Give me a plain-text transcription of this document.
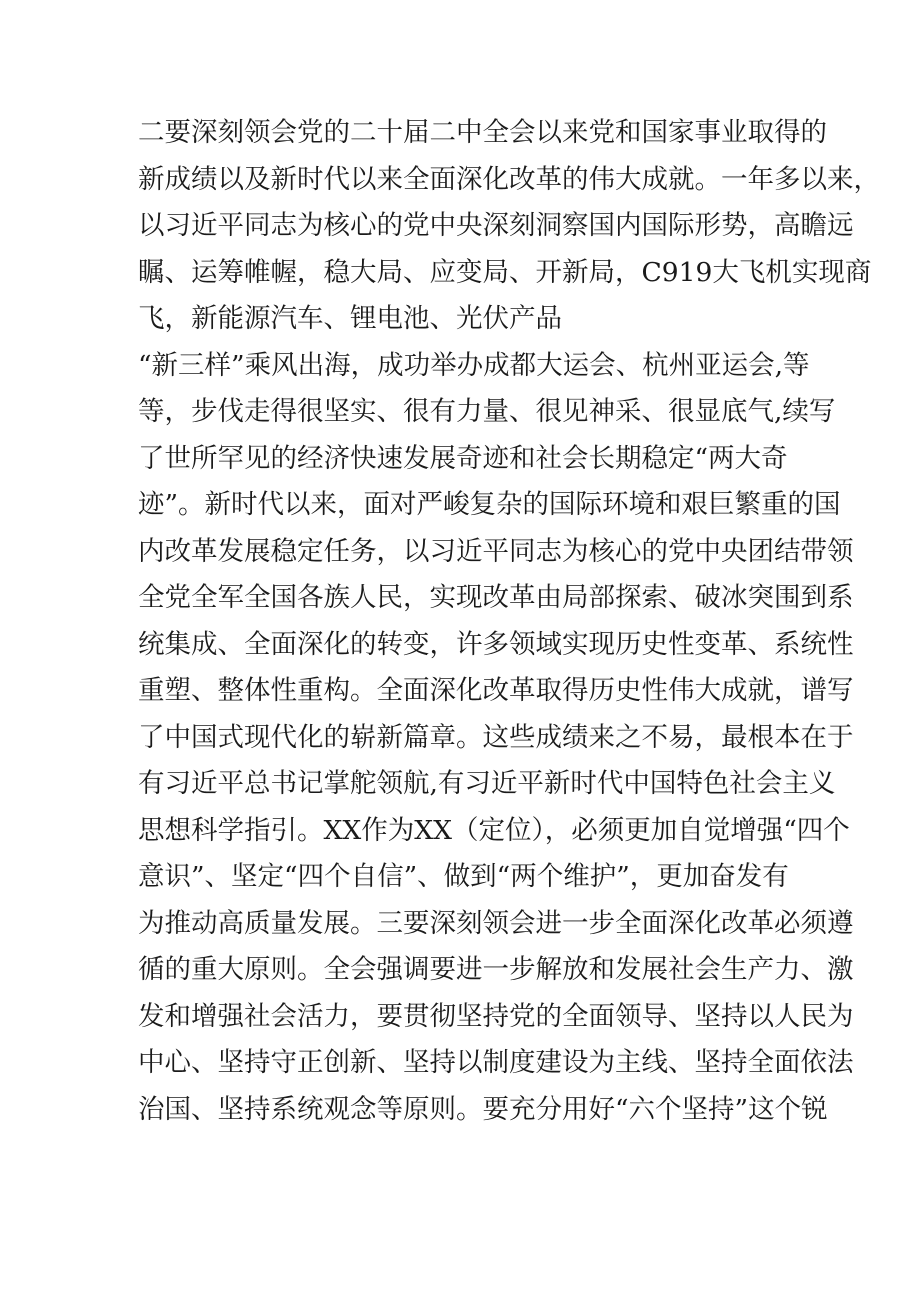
二要深刻领会党的二十届二中全会以来党和国家事业取得的
新成绩以及新时代以来全面深化改革的伟大成就。一年多以来，
以习近平同志为核心的党中央深刻洞察国内国际形势，高瞻远
瞩、运筹帷幄，稳大局、应变局、开新局，C919大飞机实现商
飞，新能源汽车、锂电池、光伏产品
“新三样”乘风出海，成功举办成都大运会、杭州亚运会,等
等，步伐走得很坚实、很有力量、很见神采、很显底气,续写
了世所罕见的经济快速发展奇迹和社会长期稳定“两大奇
迹”。新时代以来，面对严峻复杂的国际环境和艰巨繁重的国
内改革发展稳定任务，以习近平同志为核心的党中央团结带领
全党全军全国各族人民，实现改革由局部探索、破冰突围到系
统集成、全面深化的转变，许多领域实现历史性变革、系统性
重塑、整体性重构。全面深化改革取得历史性伟大成就，谱写
了中国式现代化的崭新篇章。这些成绩来之不易，最根本在于
有习近平总书记掌舵领航,有习近平新时代中国特色社会主义
思想科学指引。XX作为XX（定位），必须更加自觉增强“四个
意识”、坚定“四个自信”、做到“两个维护”，更加奋发有
为推动高质量发展。三要深刻领会进一步全面深化改革必须遵
循的重大原则。全会强调要进一步解放和发展社会生产力、激
发和增强社会活力，要贯彻坚持党的全面领导、坚持以人民为
中心、坚持守正创新、坚持以制度建设为主线、坚持全面依法
治国、坚持系统观念等原则。要充分用好“六个坚持”这个锐
